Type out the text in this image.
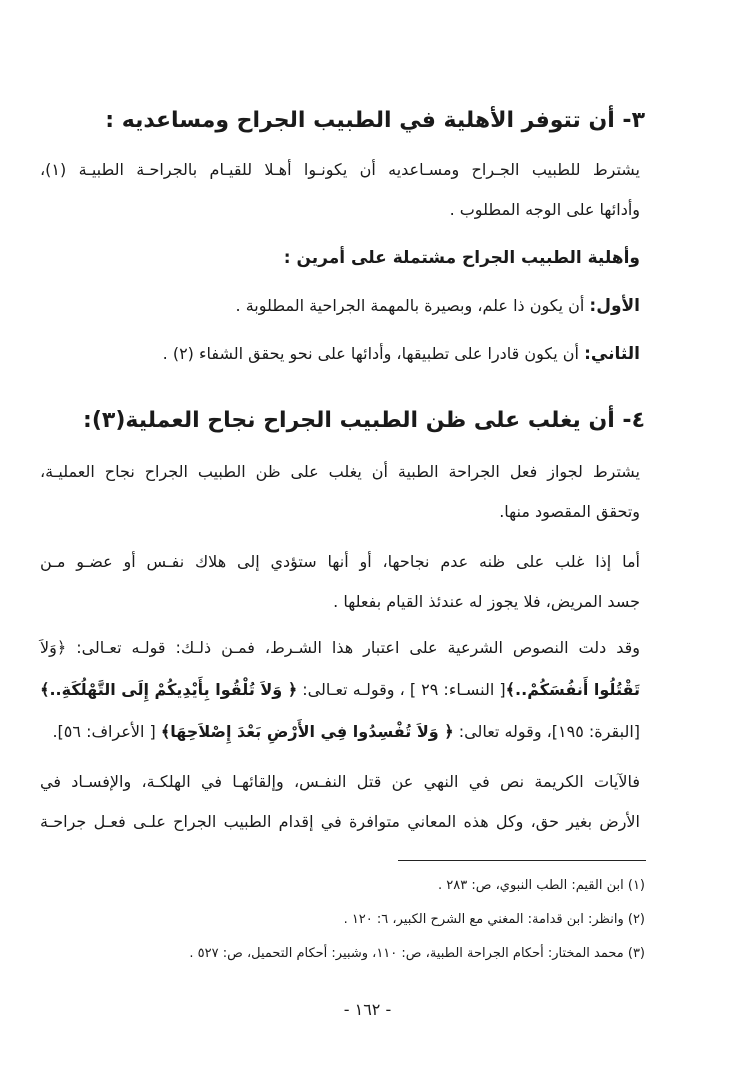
٣- أن تتوفر الأهلية في الطبيب الجراح ومساعديه :
يشترط للطبيب الجـراح ومسـاعديه أن يكونـوا أهـلا للقيـام بالجراحـة الطبيـة (١)،
وأدائها على الوجه المطلوب .
وأهلية الطبيب الجراح مشتملة على أمرين :
الأول: أن يكون ذا علم، وبصيرة بالمهمة الجراحية المطلوبة .
الثاني: أن يكون قادرا على تطبيقها، وأدائها على نحو يحقق الشفاء (٢) .
٤- أن يغلب على ظن الطبيب الجراح نجاح العملية(٣):
يشترط لجواز فعل الجراحة الطبية أن يغلب على ظن الطبيب الجراح نجاح العمليـة،
وتحقق المقصود منها.
أما إذا غلب على ظنه عدم نجاحها، أو أنها ستؤدي إلى هلاك نفـس أو عضـو مـن
جسد المريض، فلا يجوز له عندئذ القيام بفعلها .
وقد دلت النصوص الشرعية على اعتبار هذا الشـرط، فمـن ذلـك: قولـه تعـالى: ﴿وَلاَ
تَقْتُلُوا أَنفُسَكُمْ..﴾[ النسـاء: ٢٩ ] ، وقولـه تعـالى: ﴿ وَلاَ تُلْقُوا بِأَيْدِيكُمْ إِلَى التَّهْلُكَةِ..﴾
[البقرة: ١٩٥]، وقوله تعالى: ﴿ وَلاَ تُفْسِدُوا فِي الأَرْضِ بَعْدَ إِصْلاَحِهَا﴾ [ الأعراف: ٥٦].
فالآيات الكريمة نص في النهي عن قتل النفـس، وإلقائهـا في الهلكـة، والإفسـاد في
الأرض بغير حق، وكل هذه المعاني متوافرة في إقدام الطبيب الجراح علـى فعـل جراحـة
(١) ابن القيم: الطب النبوي، ص: ٢٨٣ .
(٢) وانظر: ابن قدامة: المغني مع الشرح الكبير، ٦: ١٢٠ .
(٣) محمد المختار: أحكام الجراحة الطبية، ص: ١١٠، وشبير: أحكام التحميل، ص: ٥٢٧ .
- ١٦٢ -
